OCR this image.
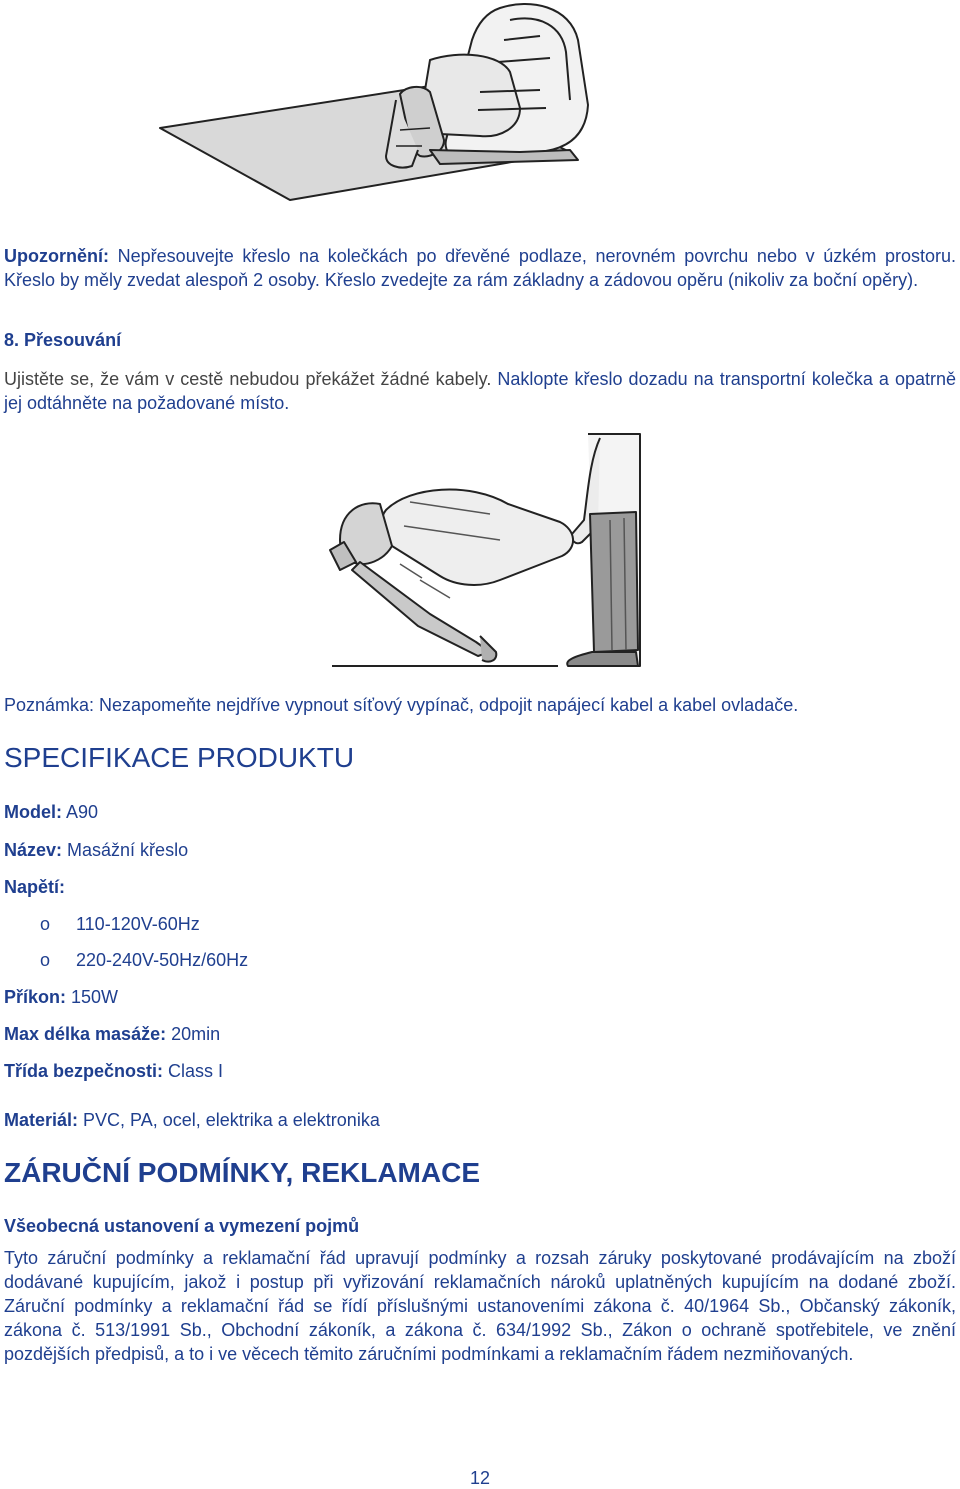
Upozornění: Nepřesouvejte křeslo na kolečkách po dřevěné podlaze, nerovném povrchu nebo v úzkém prostoru. Křeslo by měly zvedat alespoň 2 osoby. Křeslo zvedejte za rám základny a zádovou opěru (nikoliv za boční opěry).

8. Přesouvání

Ujistěte se, že vám v cestě nebudou překážet žádné kabely. Naklopte křeslo dozadu na transportní kolečka a opatrně jej odtáhněte na požadované místo.

Poznámka: Nezapomeňte nejdříve vypnout síťový vypínač, odpojit napájecí kabel a kabel ovladače.

SPECIFIKACE PRODUKTU

Model: A90

Název: Masážní křeslo

Napětí:

o 110-120V-60Hz
o 220-240V-50Hz/60Hz

Příkon: 150W

Max délka masáže: 20min

Třída bezpečnosti: Class I

Materiál: PVC, PA, ocel, elektrika a elektronika

ZÁRUČNÍ PODMÍNKY, REKLAMACE

Všeobecná ustanovení a vymezení pojmů

Tyto záruční podmínky a reklamační řád upravují podmínky a rozsah záruky poskytované prodávajícím na zboží dodávané kupujícím, jakož i postup při vyřizování reklamačních nároků uplatněných kupujícím na dodané zboží. Záruční podmínky a reklamační řád se řídí příslušnými ustanoveními zákona č. 40/1964 Sb., Občanský zákoník, zákona č. 513/1991 Sb., Obchodní zákoník, a zákona č. 634/1992 Sb., Zákon o ochraně spotřebitele, ve znění pozdějších předpisů, a to i ve věcech těmito záručními podmínkami a reklamačním řádem nezmiňovaných.

12
